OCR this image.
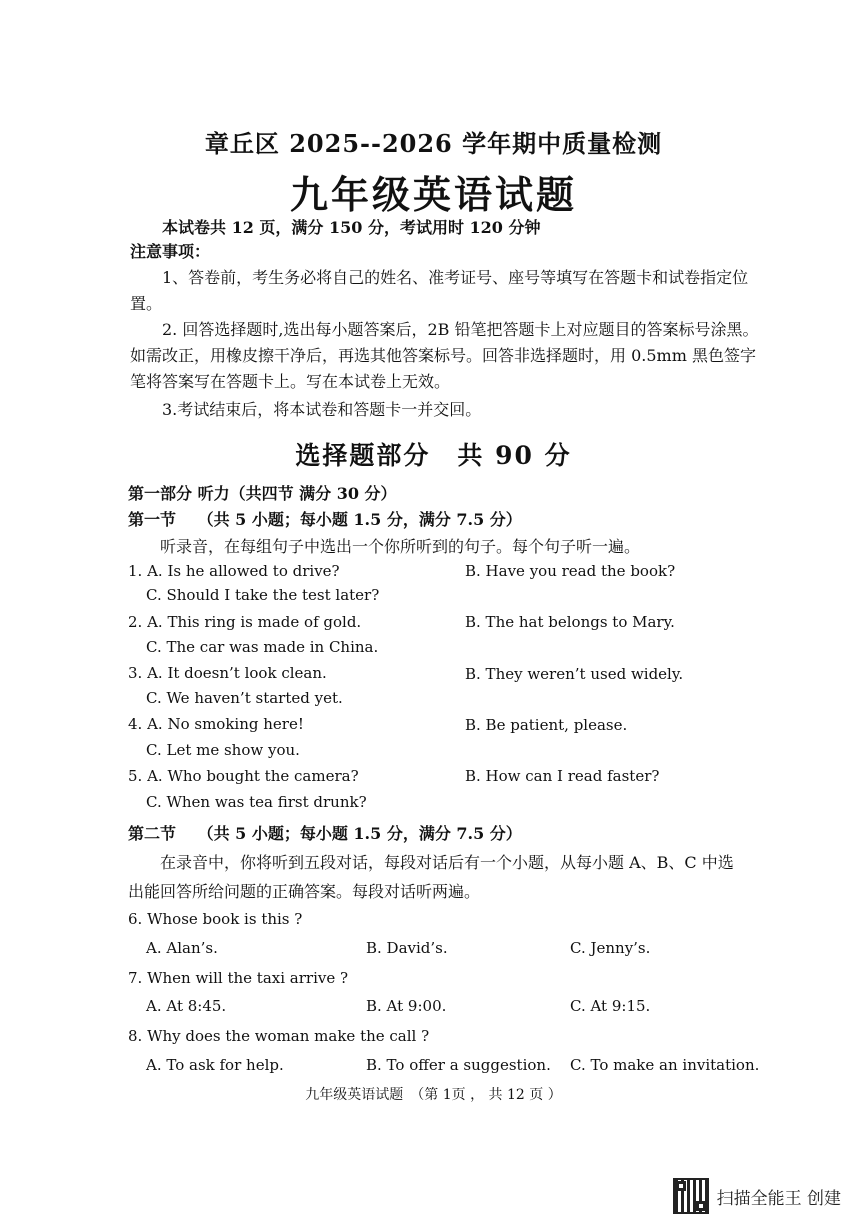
章丘区 2025--2026 学年期中质量检测
九年级英语试题
本试卷共 12 页，满分 150 分，考试用时 120 分钟
注意事项：
1、答卷前，考生务必将自己的姓名、准考证号、座号等填写在答题卡和试卷指定位
置。
2. 回答选择题时,选出每小题答案后，2B 铅笔把答题卡上对应题目的答案标号涂黑。
如需改正，用橡皮擦干净后，再选其他答案标号。回答非选择题时，用 0.5mm 黑色签字
笔将答案写在答题卡上。写在本试卷上无效。
3.考试结束后，将本试卷和答题卡一并交回。
选择题部分　共 90 分
第一部分 听力（共四节 满分 30 分）
第一节　 （共 5 小题；每小题 1.5 分，满分 7.5 分）
听录音，在每组句子中选出一个你所听到的句子。每个句子听一遍。
1. A. Is he allowed to drive?	B. Have you read the book?
C. Should I take the test later?
2. A. This ring is made of gold.	B. The hat belongs to Mary.
C. The car was made in China.
3. A. It doesn’t look clean.	B. They weren’t used widely.
C. We haven’t started yet.
4. A. No smoking here!	B. Be patient, please.
C. Let me show you.
5. A. Who bought the camera?	B. How can I read faster?
C. When was tea first drunk?
第二节　 （共 5 小题；每小题 1.5 分，满分 7.5 分）
在录音中，你将听到五段对话，每段对话后有一个小题，从每小题 A、B、C 中选
出能回答所给问题的正确答案。每段对话听两遍。
6. Whose book is this ?
A. Alan’s.	B. David’s.	C. Jenny’s.
7. When will the taxi arrive ?
A. At 8:45.	B. At 9:00.	C. At 9:15.
8. Why does the woman make the call ?
A. To ask for help.	B. To offer a suggestion. C. To make an invitation.
九年级英语试题　（第 1页 ， 共 12 页 ）
扫描全能王 创建
